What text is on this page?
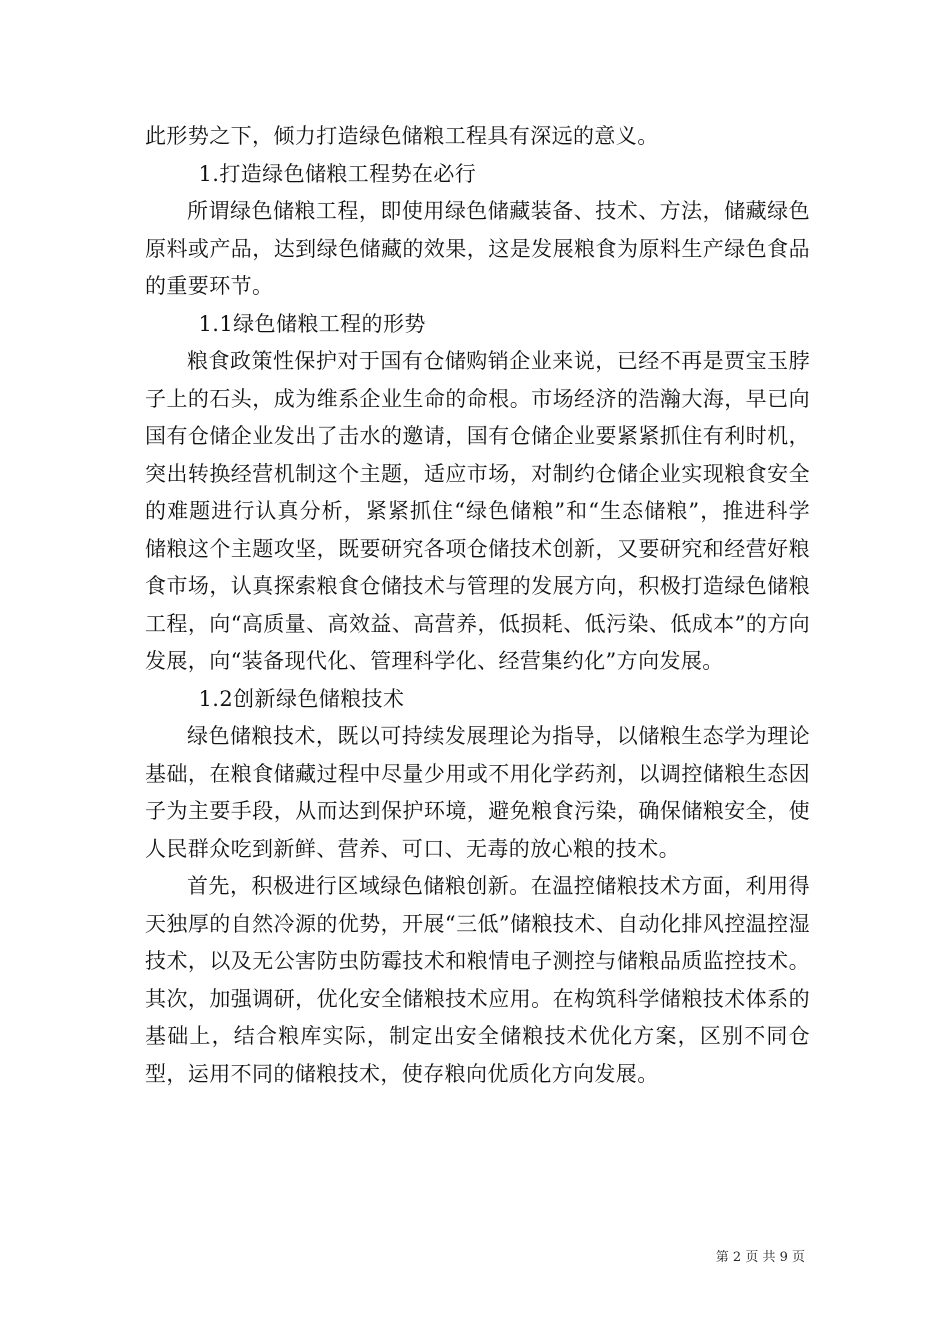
此形势之下，倾力打造绿色储粮工程具有深远的意义。

1.打造绿色储粮工程势在必行

所谓绿色储粮工程，即使用绿色储藏装备、技术、方法，储藏绿色原料或产品，达到绿色储藏的效果，这是发展粮食为原料生产绿色食品的重要环节。

1.1绿色储粮工程的形势

粮食政策性保护对于国有仓储购销企业来说，已经不再是贾宝玉脖子上的石头，成为维系企业生命的命根。市场经济的浩瀚大海，早已向国有仓储企业发出了击水的邀请，国有仓储企业要紧紧抓住有利时机，突出转换经营机制这个主题，适应市场，对制约仓储企业实现粮食安全的难题进行认真分析，紧紧抓住“绿色储粮”和“生态储粮”，推进科学储粮这个主题攻坚，既要研究各项仓储技术创新，又要研究和经营好粮食市场，认真探索粮食仓储技术与管理的发展方向，积极打造绿色储粮工程，向“高质量、高效益、高营养，低损耗、低污染、低成本”的方向发展，向“装备现代化、管理科学化、经营集约化”方向发展。

1.2创新绿色储粮技术

绿色储粮技术，既以可持续发展理论为指导，以储粮生态学为理论基础，在粮食储藏过程中尽量少用或不用化学药剂，以调控储粮生态因子为主要手段，从而达到保护环境，避免粮食污染，确保储粮安全，使人民群众吃到新鲜、营养、可口、无毒的放心粮的技术。

首先，积极进行区域绿色储粮创新。在温控储粮技术方面，利用得天独厚的自然冷源的优势，开展“三低”储粮技术、自动化排风控温控湿技术，以及无公害防虫防霉技术和粮情电子测控与储粮品质监控技术。其次，加强调研，优化安全储粮技术应用。在构筑科学储粮技术体系的基础上，结合粮库实际，制定出安全储粮技术优化方案，区别不同仓型，运用不同的储粮技术，使存粮向优质化方向发展。

第 2 页 共 9 页
